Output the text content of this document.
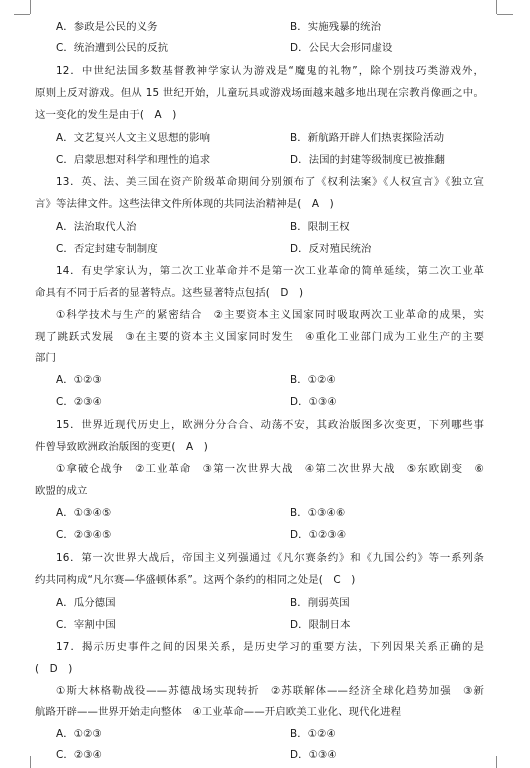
A．参政是公民的义务	B．实施残暴的统治
C．统治遭到公民的反抗	D．公民大会形同虚设
12．中世纪法国多数基督教神学家认为游戏是“魔鬼的礼物”，除个别技巧类游戏外，
原则上反对游戏。但从 15 世纪开始，儿童玩具或游戏场面越来越多地出现在宗教肖像画之中。
这一变化的发生是由于(　A　)
A．文艺复兴人文主义思想的影响	B．新航路开辟人们热衷探险活动
C．启蒙思想对科学和理性的追求	D．法国的封建等级制度已被推翻
13．英、法、美三国在资产阶级革命期间分别颁布了《权利法案》《人权宣言》《独立宣
言》等法律文件。这些法律文件所体现的共同法治精神是(　A　)
A．法治取代人治	B．限制王权
C．否定封建专制制度	D．反对殖民统治
14．有史学家认为，第二次工业革命并不是第一次工业革命的简单延续，第二次工业革
命具有不同于后者的显著特点。这些显著特点包括(　D　)
①科学技术与生产的紧密结合　②主要资本主义国家同时吸取两次工业革命的成果，实
现了跳跃式发展　③在主要的资本主义国家同时发生　④重化工业部门成为工业生产的主要
部门
A．①②③	B．①②④
C．②③④	D．①③④
15．世界近现代历史上，欧洲分分合合、动荡不安，其政治版图多次变更，下列哪些事
件曾导致欧洲政治版图的变更(　A　)
①拿破仑战争　②工业革命　③第一次世界大战　④第二次世界大战　⑤东欧剧变　⑥
欧盟的成立
A．①③④⑤	B．①③④⑥
C．②③④⑤	D．①②③④
16．第一次世界大战后，帝国主义列强通过《凡尔赛条约》和《九国公约》等一系列条
约共同构成“凡尔赛—华盛顿体系”。这两个条约的相同之处是(　C　)
A．瓜分德国	B．削弱英国
C．宰割中国	D．限制日本
17．揭示历史事件之间的因果关系，是历史学习的重要方法，下列因果关系正确的是
(　D　)
①斯大林格勒战役——苏德战场实现转折　②苏联解体——经济全球化趋势加强　③新
航路开辟——世界开始走向整体　④工业革命——开启欧美工业化、现代化进程
A．①②③	B．①②④
C．②③④	D．①③④
